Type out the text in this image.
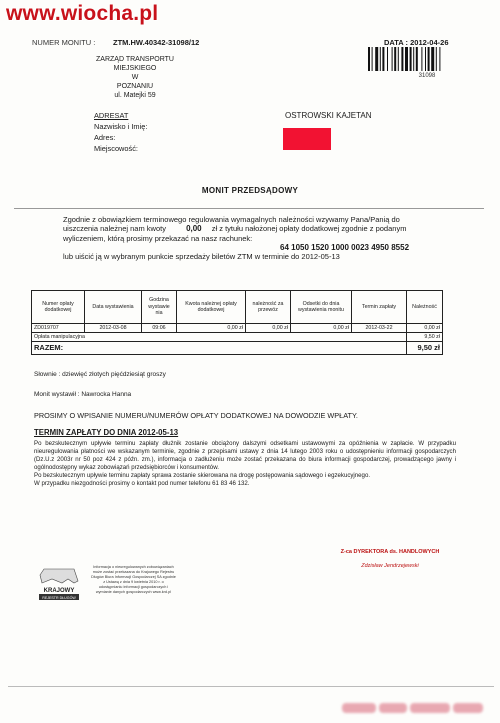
www.wiocha.pl
NUMER MONITU : ZTM.HW.40342-31098/12	DATA : 2012-04-26
31098
ZARZĄD TRANSPORTU MIEJSKIEGO
W
POZNANIU
ul. Matejki 59
ADRESAT
Nazwisko i Imię:
Adres:
Miejscowość:
OSTROWSKI KAJETAN
MONIT PRZEDSĄDOWY
Zgodnie z obowiązkiem terminowego regulowania wymagalnych należności wzywamy Pana/Panią do
uiszczenia należnej nam kwoty	0,00 zł z tytułu nałożonej opłaty dodatkowej zgodnie z podanym
wyliczeniem, którą prosimy przekazać na nasz rachunek:
64 1050 1520 1000 0023 4950 8552
lub uiścić ją w wybranym punkcie sprzedaży biletów ZTM w terminie do 2012-05-13
Numer opłaty dodatkowej	Data wystawienia	Godzina wystawie nia	Kwota należnej opłaty dodatkowej	należność za przewóz	Odsetki do dnia wystawienia monitu	Termin zapłaty	Należność
ZD019707	2012-03-08	09:06	0,00 zł	0,00 zł	0,00 zł	2012-03-22	0,00 zł
Opłata manipulacyjna							9,50 zł
RAZEM:							9,50 zł
Słownie : dziewięć złotych pięćdziesiąt groszy
Monit wystawił : Nawrocka Hanna
PROSIMY O WPISANIE NUMERU/NUMERÓW OPŁATY DODATKOWEJ NA DOWODZIE WPŁATY.
TERMIN ZAPŁATY DO DNIA 2012-05-13

Po bezskutecznym upływie terminu zapłaty dłużnik zostanie obciążony dalszymi odsetkami ustawowymi za opóźnienia w zapłacie. W przypadku nieuregulowania płatności we wskazanym terminie, zgodnie z przepisami ustawy z dnia 14 lutego 2003 roku o udostępnieniu informacji gospodarczych (Dz.U.z 2003r nr 50 poz 424 z późn. zm.), informacja o zadłużeniu może zostać przekazana do biura informacji gospodarczej, prowadzącego jawny i ogólnodostępny wykaz zobowiązań przedsiębiorców i konsumentów.

Po bezskutecznym upływie terminu zapłaty sprawa zostanie skierowana na drogę postępowania sądowego i egzekucyjnego.

W przypadku niezgodności prosimy o kontakt pod numer telefonu 61 83 46 132.

KRAJOWY
REJESTR DŁUGÓW
Informacja o nieuregulowanych zobowiązaniach może zostać przekazana do Krajowego Rejestru Długów Biura Informacji Gospodarczej SA zgodnie z Ustawą z dnia 9 kwietnia 2010 r. o udostępnianiu informacji gospodarczych i wymianie danych gospodarczych www.krd.pl
Z-ca DYREKTORA ds. HANDLOWYCH
Zdzisław Jendrzejewski
